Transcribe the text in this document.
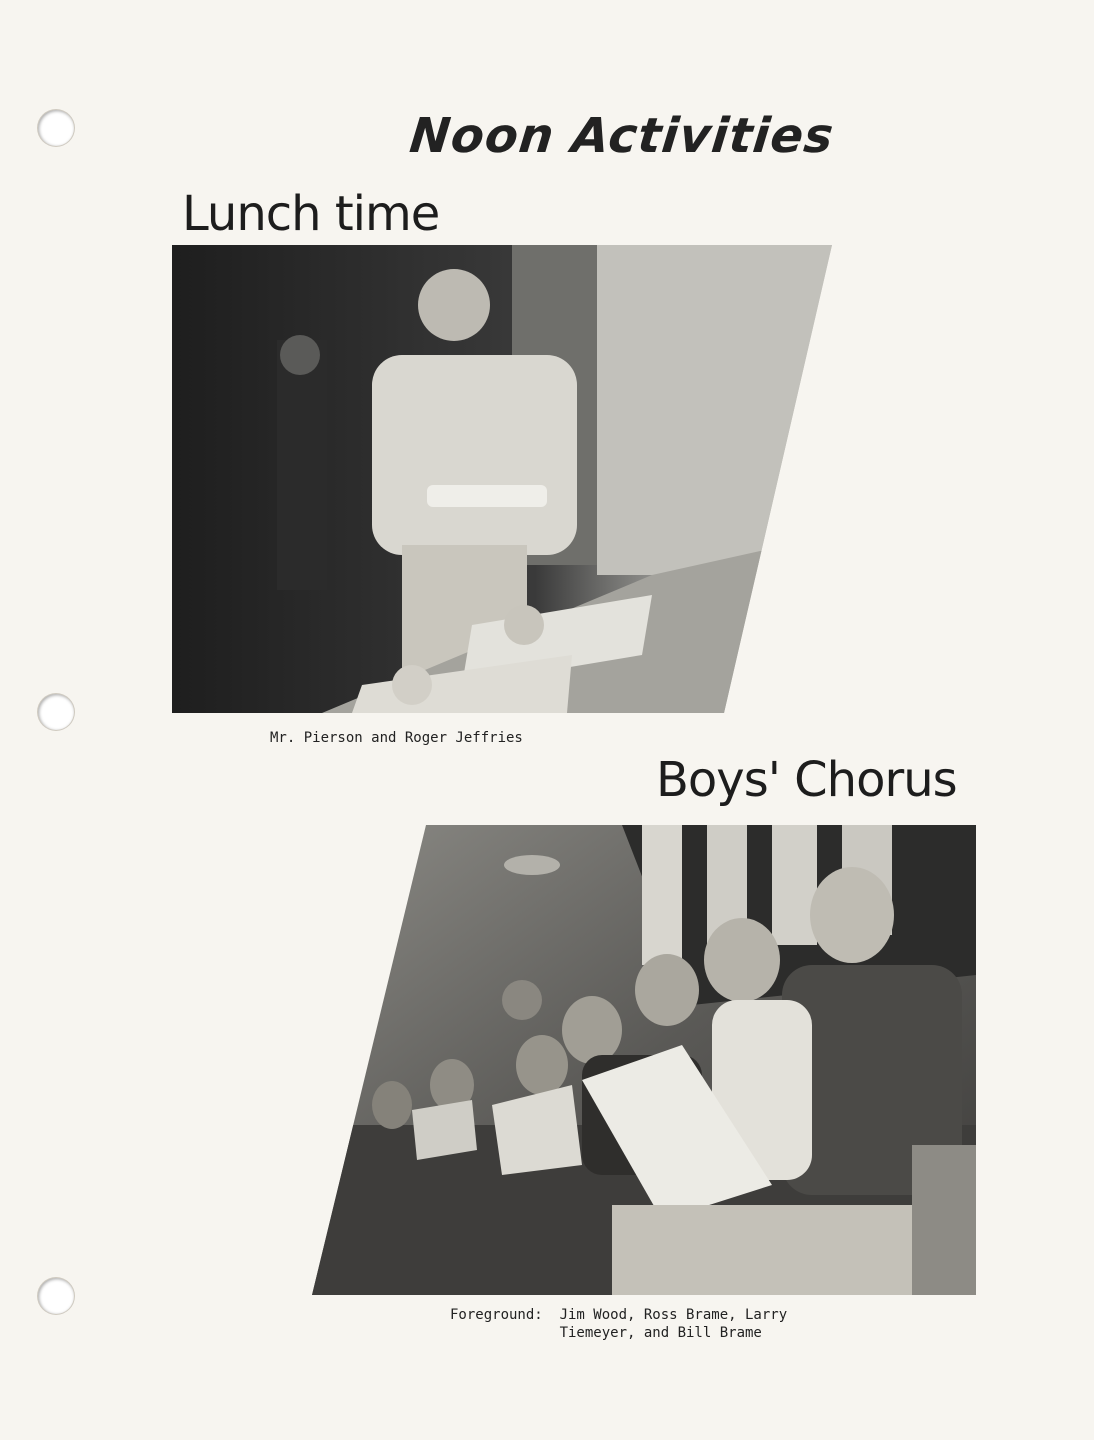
Noon Activities
Lunch time
Mr. Pierson and Roger Jeffries
Boys' Chorus
Foreground:  Jim Wood, Ross Brame, Larry
Tiemeyer, and Bill Brame
